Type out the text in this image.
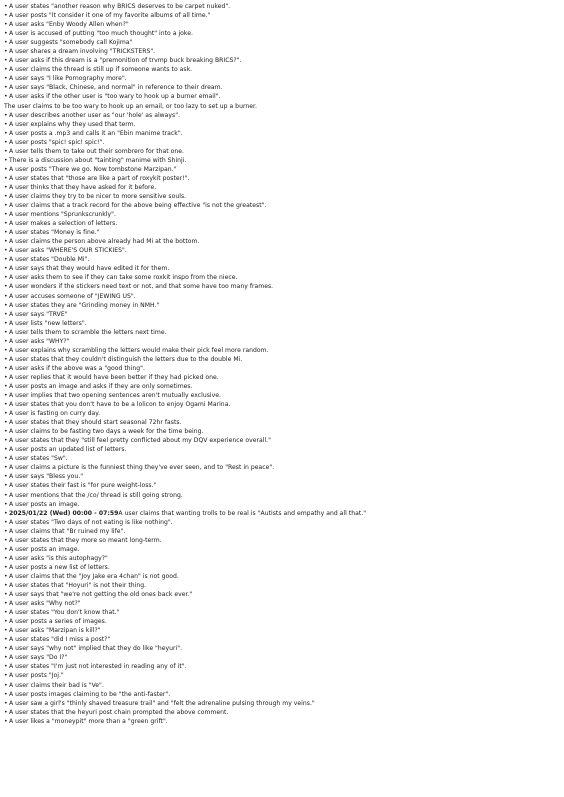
•A user states "another reason why BRICS deserves to be carpet nuked".
•A user posts "It consider it one of my favorite albums of all time."
•A user asks "Enby Woody Allen when?"
•A user is accused of putting "too much thought" into a joke.
•A user suggests "somebody call Kojima"
•A user shares a dream involving "TRICKSTERS".
•A user asks if this dream is a "premonition of trvmp buck breaking BRICS?".
•A user claims the thread is still up if someone wants to ask.
•A user says "I like Pornography more".
•A user says "Black, Chinese, and normal" in reference to their dream.
•A user asks if the other user is "too wary to hook up a burner email".
The user claims to be too wary to hook up an email, or too lazy to set up a burner.
•A user describes another user as "our 'hole' as always".
•A user explains why they used that term.
•A user posts a .mp3 and calls it an "Ebin manime track".
•A user posts "spic! spic! spic!".
•A user tells them to take out their sombrero for that one.
•There is a discussion about "tainting" manime with Shinji.
•A user posts "There we go. Now tombstone Marzipan."
•A user states that "those are like a part of roxykit poster!".
•A user thinks that they have asked for it before.
•A user claims they try to be nicer to more sensitive souls.
•A user claims that a track record for the above being effective "is not the greatest".
•A user mentions "Sprunkscrunkly".
•A user makes a selection of letters.
•A user states "Money is fine."
•A user claims the person above already had Mi at the bottom.
•A user asks "WHERE'S OUR STICKIES".
•A user states "Double Mi".
•A user says that they would have edited it for them.
•A user asks them to see if they can take some roxkit inspo from the niece.
•A user wonders if the stickers need text or not, and that some have too many frames.
•A user accuses someone of "JEWING US".
•A user states they are "Grinding money in NMH."
•A user says "TRVE"
•A user lists "new letters".
•A user tells them to scramble the letters next time.
•A user asks "WHY?"
•A user explains why scrambling the letters would make their pick feel more random.
•A user states that they couldn't distinguish the letters due to the double Mi.
•A user asks if the above was a "good thing".
•A user replies that it would have been better if they had picked one.
•A user posts an image and asks if they are only sometimes.
•A user implies that two opening sentences aren't mutually exclusive.
•A user states that you don't have to be a lolicon to enjoy Ogami Marina.
•A user is fasting on curry day.
•A user states that they should start seasonal 72hr fasts.
•A user claims to be fasting two days a week for the time being.
•A user states that they "still feel pretty conflicted about my DQV experience overall."
•A user posts an updated list of letters.
•A user states "Sw".
•A user claims a picture is the funniest thing they've ever seen, and to "Rest in peace".
•A user says "Bless you."
•A user states their fast is "for pure weight-loss."
•A user mentions that the /co/ thread is still going strong.
•A user posts an image.
•2025/01/22 (Wed) 00:00 - 07:59A user claims that wanting trolls to be real is "Autists and empathy and all that."
•A user states "Two days of not eating is like nothing".
•A user claims that "Br ruined my life".
•A user states that they more so meant long-term.
•A user posts an image.
•A user asks "is this autophagy?"
•A user posts a new list of letters.
•A user claims that the "Joy Jake era 4chan" is not good.
•A user states that "Hoyuri" is not their thing.
•A user says that "we're not getting the old ones back ever."
•A user asks "Why not?"
•A user states "You don't know that."
•A user posts a series of images.
•A user asks "Marzipan is kill?"
•A user states "did I miss a post?"
•A user says "why not" implied that they do like "heyuri".
•A user says "Do I?"
•A user states "I'm just not interested in reading any of it".
•A user posts "Joj."
•A user claims their bad is "Ve".
•A user posts images claiming to be "the anti-faster".
•A user saw a girl's "thinly shaved treasure trail" and "felt the adrenaline pulsing through my veins."
•A user states that the heyuri post chain prompted the above comment.
•A user likes a "moneypit" more than a "green grift".
